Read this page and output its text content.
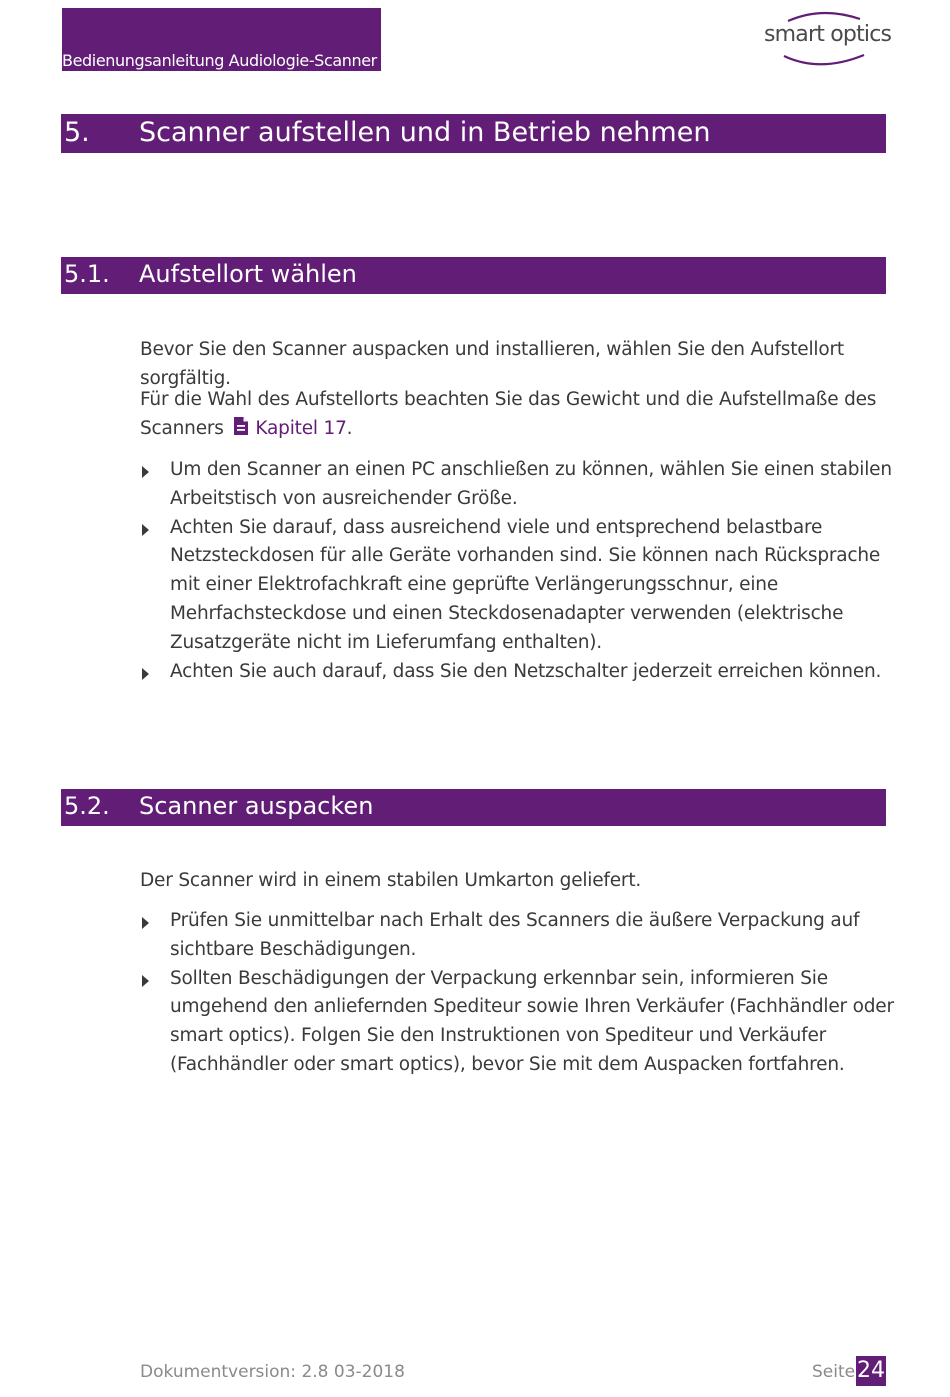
Bedienungsanleitung Audiologie-Scanner
smart optics
5. Scanner aufstellen und in Betrieb nehmen
5.1. Aufstellort wählen

Bevor Sie den Scanner auspacken und installieren, wählen Sie den Aufstellort sorgfältig.

Für die Wahl des Aufstellorts beachten Sie das Gewicht und die Aufstellmaße des
Scanners Kapitel 17.

Um den Scanner an einen PC anschließen zu können, wählen Sie einen stabilen Arbeitstisch von ausreichender Größe.
Achten Sie darauf, dass ausreichend viele und entsprechend belastbare Netzsteckdosen für alle Geräte vorhanden sind. Sie können nach Rücksprache mit einer Elektrofachkraft eine geprüfte Verlängerungsschnur, eine Mehrfachsteckdose und einen Steckdosenadapter verwenden (elektrische Zusatzgeräte nicht im Lieferumfang enthalten).
Achten Sie auch darauf, dass Sie den Netzschalter jederzeit erreichen können.
5.2. Scanner auspacken

Der Scanner wird in einem stabilen Umkarton geliefert.

Prüfen Sie unmittelbar nach Erhalt des Scanners die äußere Verpackung auf sichtbare Beschädigungen.
Sollten Beschädigungen der Verpackung erkennbar sein, informieren Sie umgehend den anliefernden Spediteur sowie Ihren Verkäufer (Fachhändler oder smart optics). Folgen Sie den Instruktionen von Spediteur und Verkäufer (Fachhändler oder smart optics), bevor Sie mit dem Auspacken fortfahren.
Dokumentversion: 2.8 03-2018	Seite 24
